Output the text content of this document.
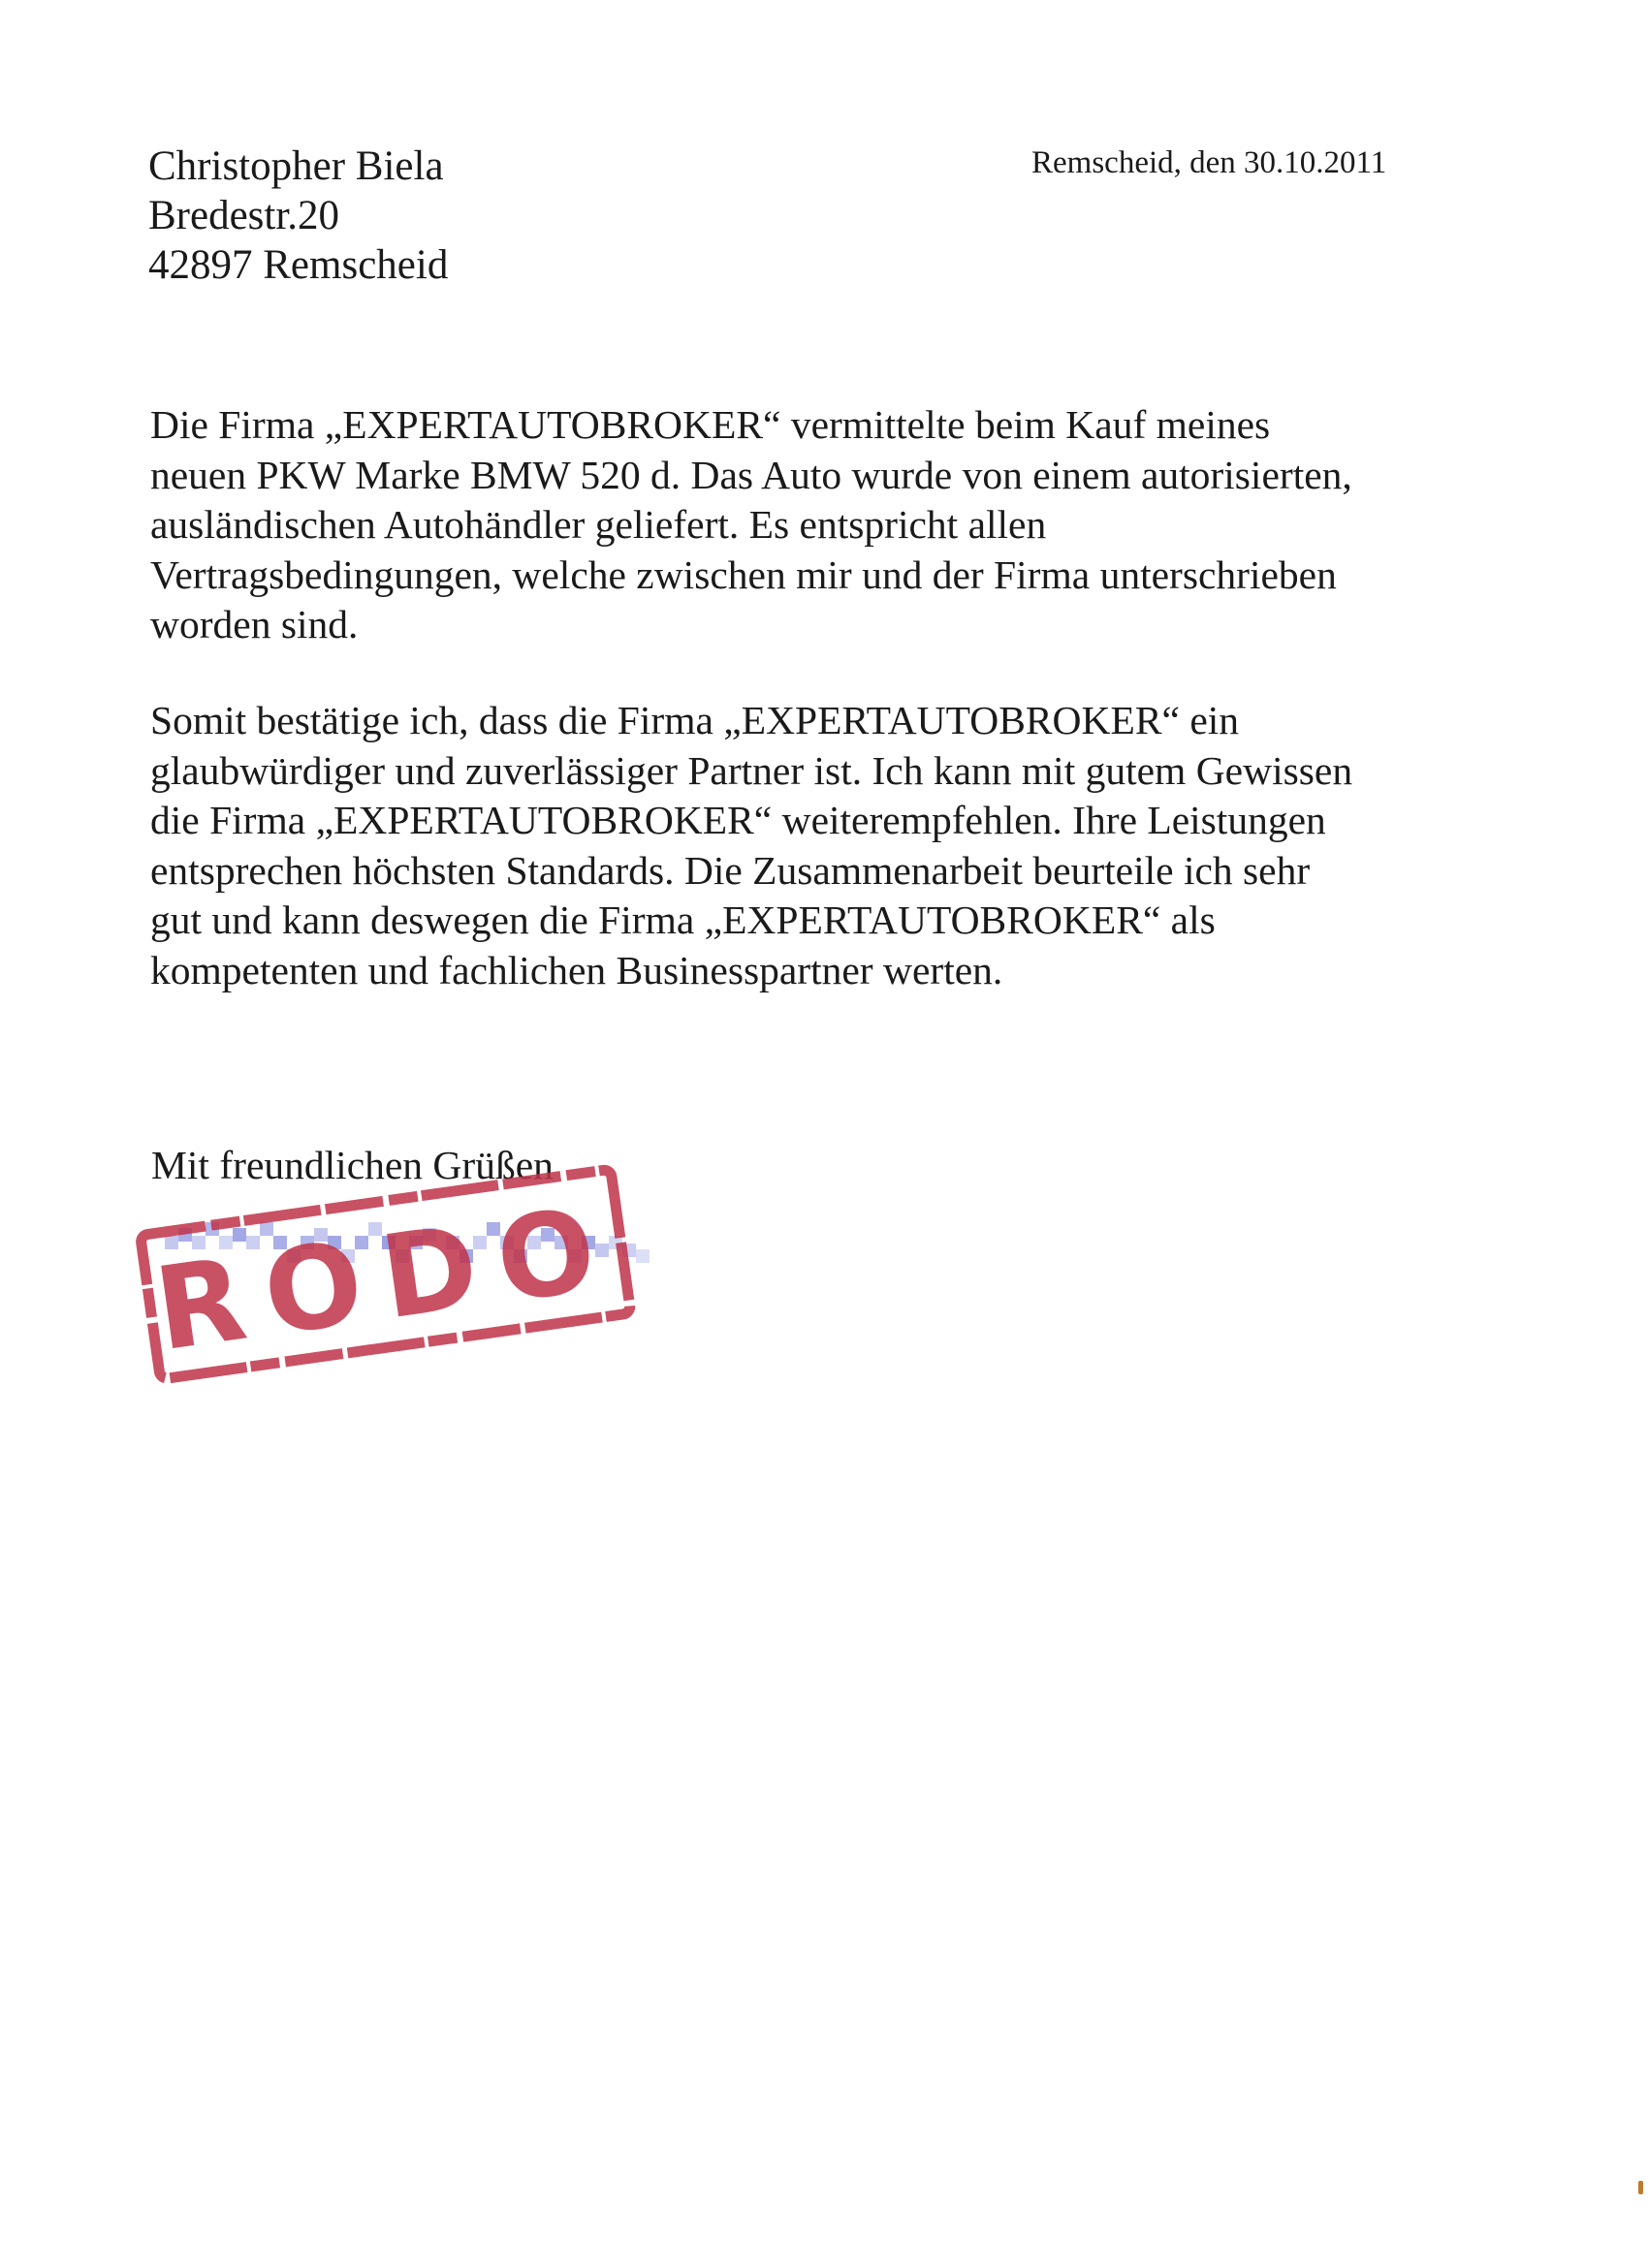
Christopher Biela
Bredestr.20
42897 Remscheid
Remscheid, den 30.10.2011
Die Firma „EXPERTAUTOBROKER“ vermittelte beim Kauf meines
neuen PKW Marke BMW 520 d. Das Auto wurde von einem autorisierten,
ausländischen Autohändler geliefert. Es entspricht allen
Vertragsbedingungen, welche zwischen mir und der Firma unterschrieben
worden sind.
Somit bestätige ich, dass die Firma „EXPERTAUTOBROKER“ ein
glaubwürdiger und zuverlässiger Partner ist. Ich kann mit gutem Gewissen
die Firma „EXPERTAUTOBROKER“ weiterempfehlen. Ihre Leistungen
entsprechen höchsten Standards. Die Zusammenarbeit beurteile ich sehr
gut und kann deswegen die Firma „EXPERTAUTOBROKER“ als
kompetenten und fachlichen Businesspartner werten.
Mit freundlichen Grüßen
RODO
